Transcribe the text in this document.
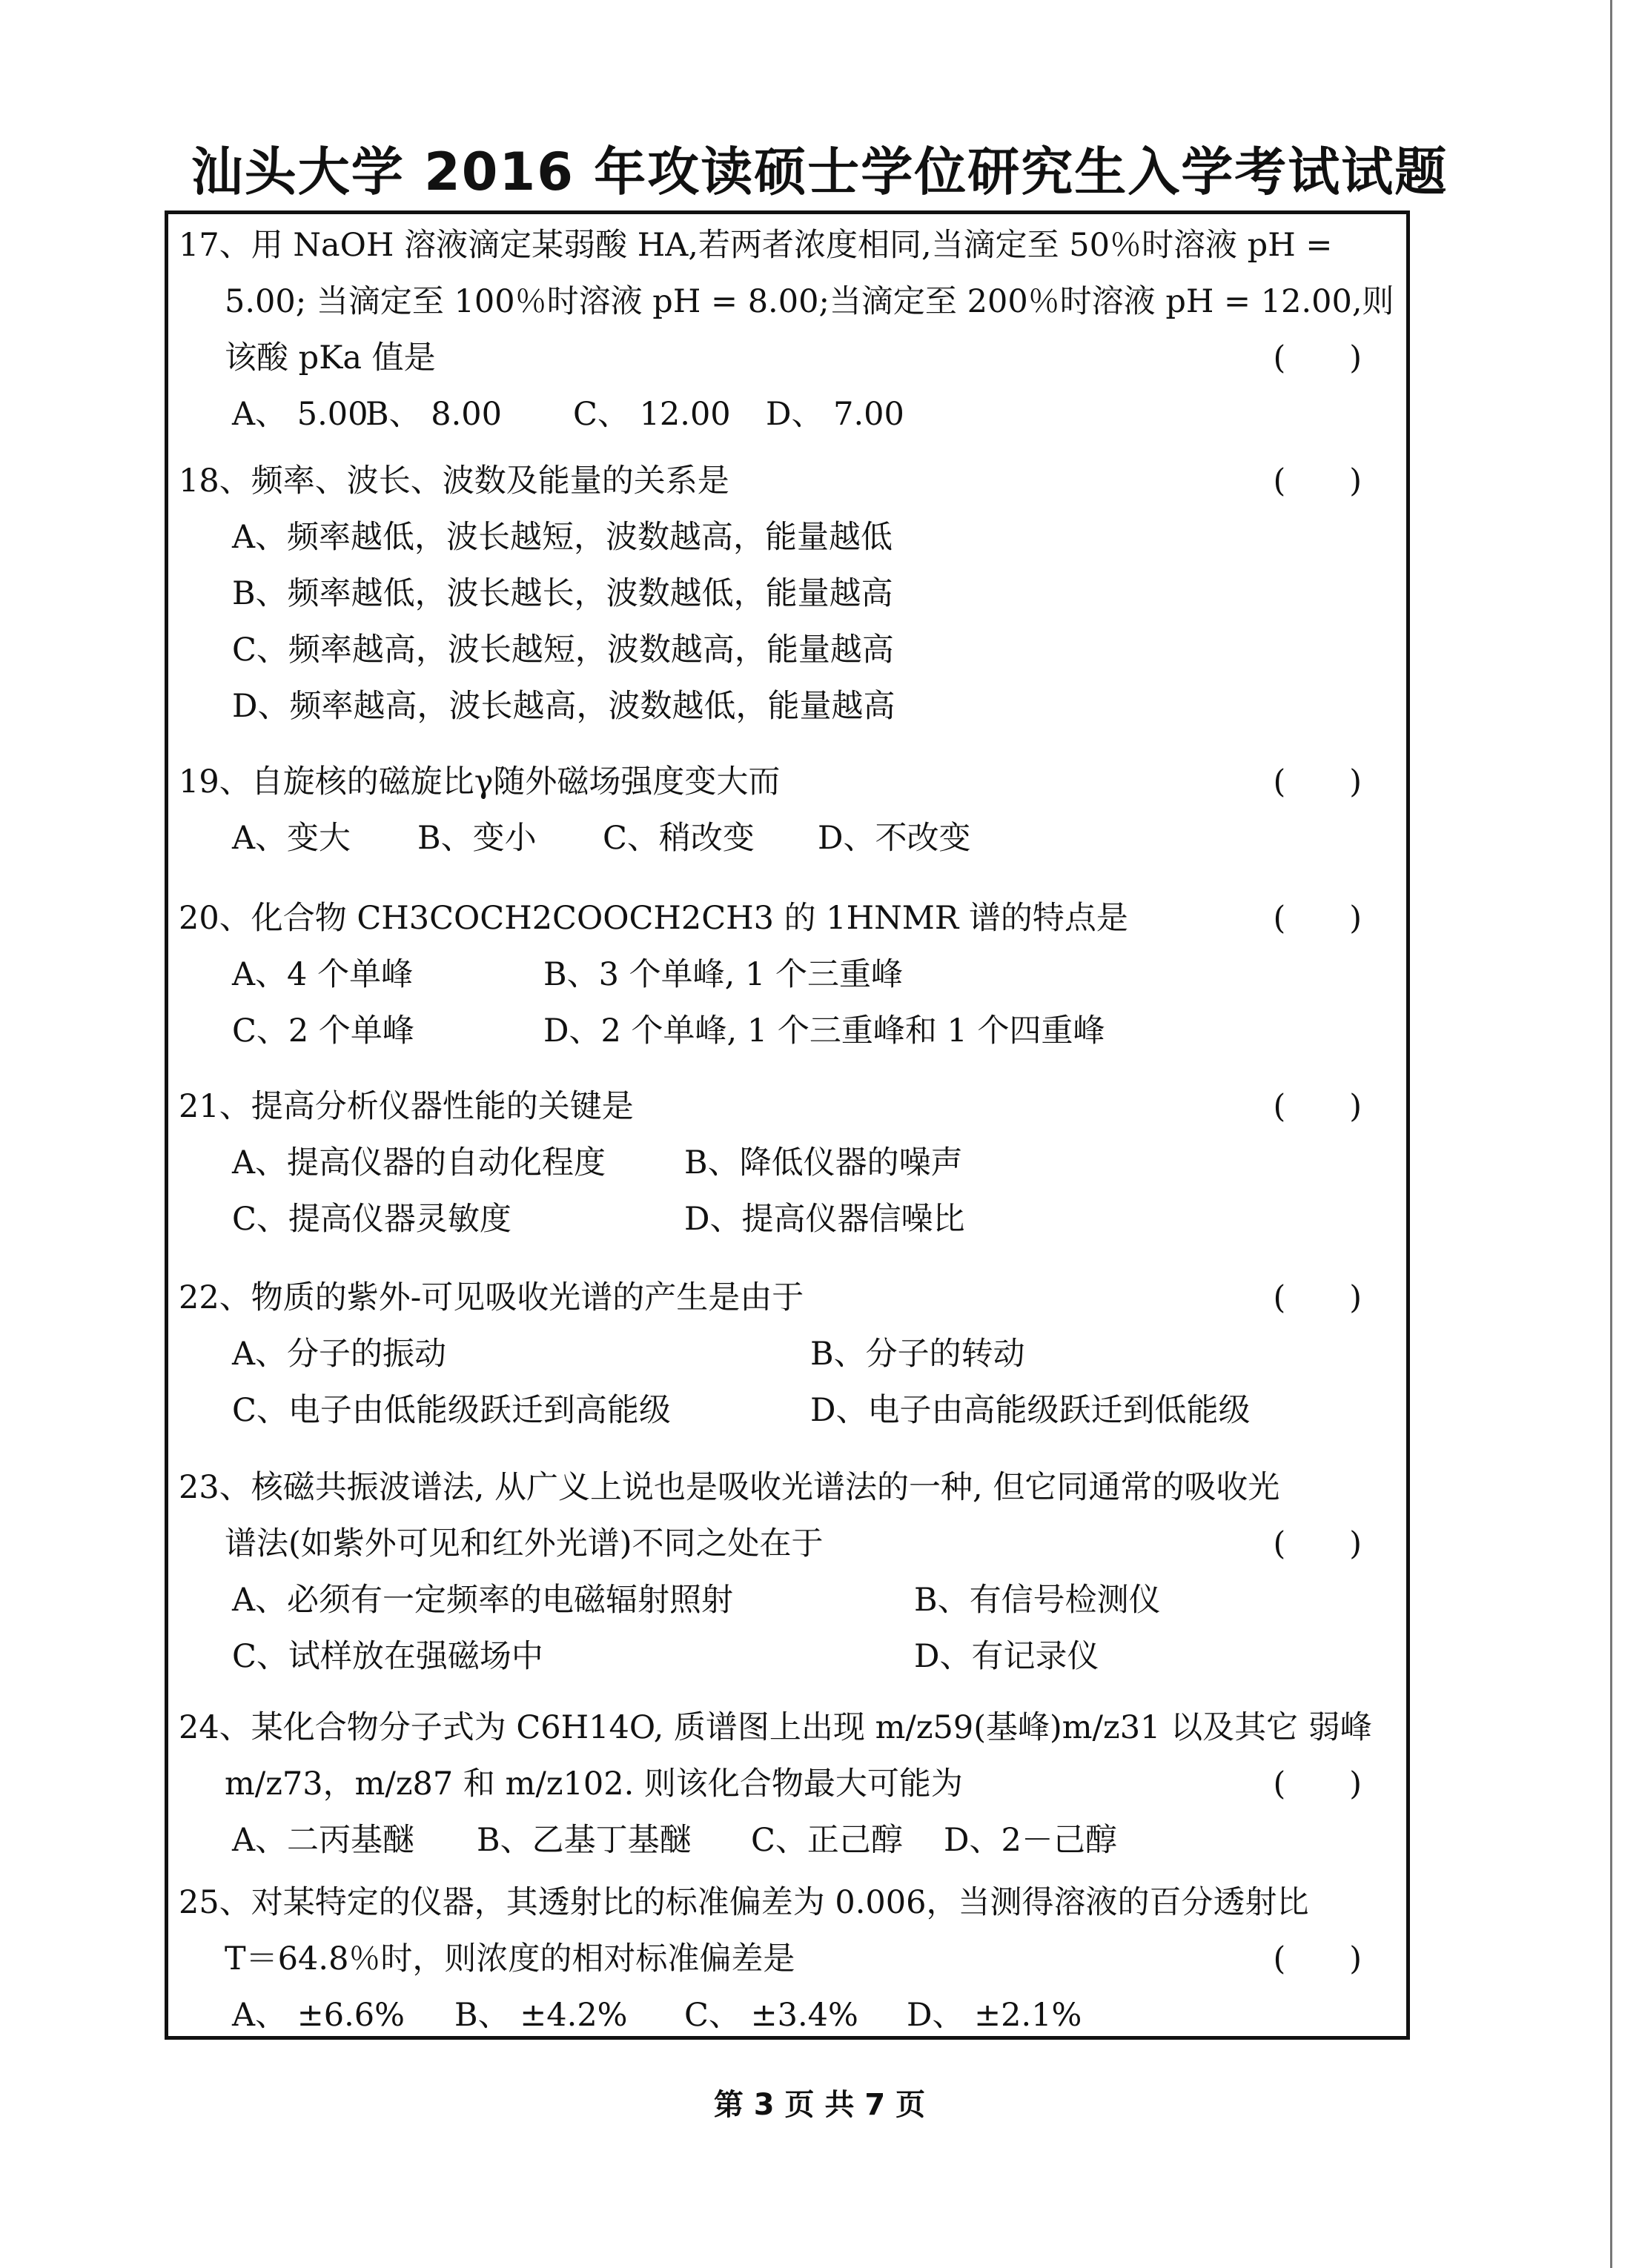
汕头大学 2016 年攻读硕士学位研究生入学考试试题
17、用 NaOH 溶液滴定某弱酸 HA,若两者浓度相同,当滴定至 50％时溶液 pH =
5.00; 当滴定至 100％时溶液 pH = 8.00;当滴定至 200％时溶液 pH = 12.00,则
该酸 pKa 值是	(　　)
A、 5.00
B、 8.00	C、 12.00	D、 7.00
18、频率、波长、波数及能量的关系是	(　　)
A、频率越低，波长越短，波数越高，能量越低
B、频率越低，波长越长，波数越低，能量越高
C、频率越高，波长越短，波数越高，能量越高
D、频率越高，波长越高，波数越低，能量越高
19、自旋核的磁旋比γ随外磁场强度变大而	(　　)
A、变大	B、变小	C、稍改变	D、不改变
20、化合物 CH3COCH2COOCH2CH3 的 1HNMR 谱的特点是	(　　)
A、4 个单峰	B、3 个单峰, 1 个三重峰
C、2 个单峰	D、2 个单峰, 1 个三重峰和 1 个四重峰
21、提高分析仪器性能的关键是	(　　)
A、提高仪器的自动化程度	B、降低仪器的噪声
C、提高仪器灵敏度	D、提高仪器信噪比
22、物质的紫外-可见吸收光谱的产生是由于	(　　)
A、分子的振动	B、分子的转动
C、电子由低能级跃迁到高能级	D、电子由高能级跃迁到低能级
23、核磁共振波谱法, 从广义上说也是吸收光谱法的一种, 但它同通常的吸收光
谱法(如紫外可见和红外光谱)不同之处在于	(　　)
A、必须有一定频率的电磁辐射照射	B、有信号检测仪
C、试样放在强磁场中	D、有记录仪
24、某化合物分子式为 C6H14O, 质谱图上出现 m/z59(基峰)m/z31 以及其它 弱峰
m/z73，m/z87 和 m/z102. 则该化合物最大可能为	(　　)
A、二丙基醚	B、乙基丁基醚	C、正己醇	D、2－己醇
25、对某特定的仪器，其透射比的标准偏差为 0.006，当测得溶液的百分透射比
T＝64.8％时，则浓度的相对标准偏差是	(　　)
A、 ±6.6%	B、 ±4.2%	C、 ±3.4%	D、 ±2.1%
第 3 页 共 7 页
